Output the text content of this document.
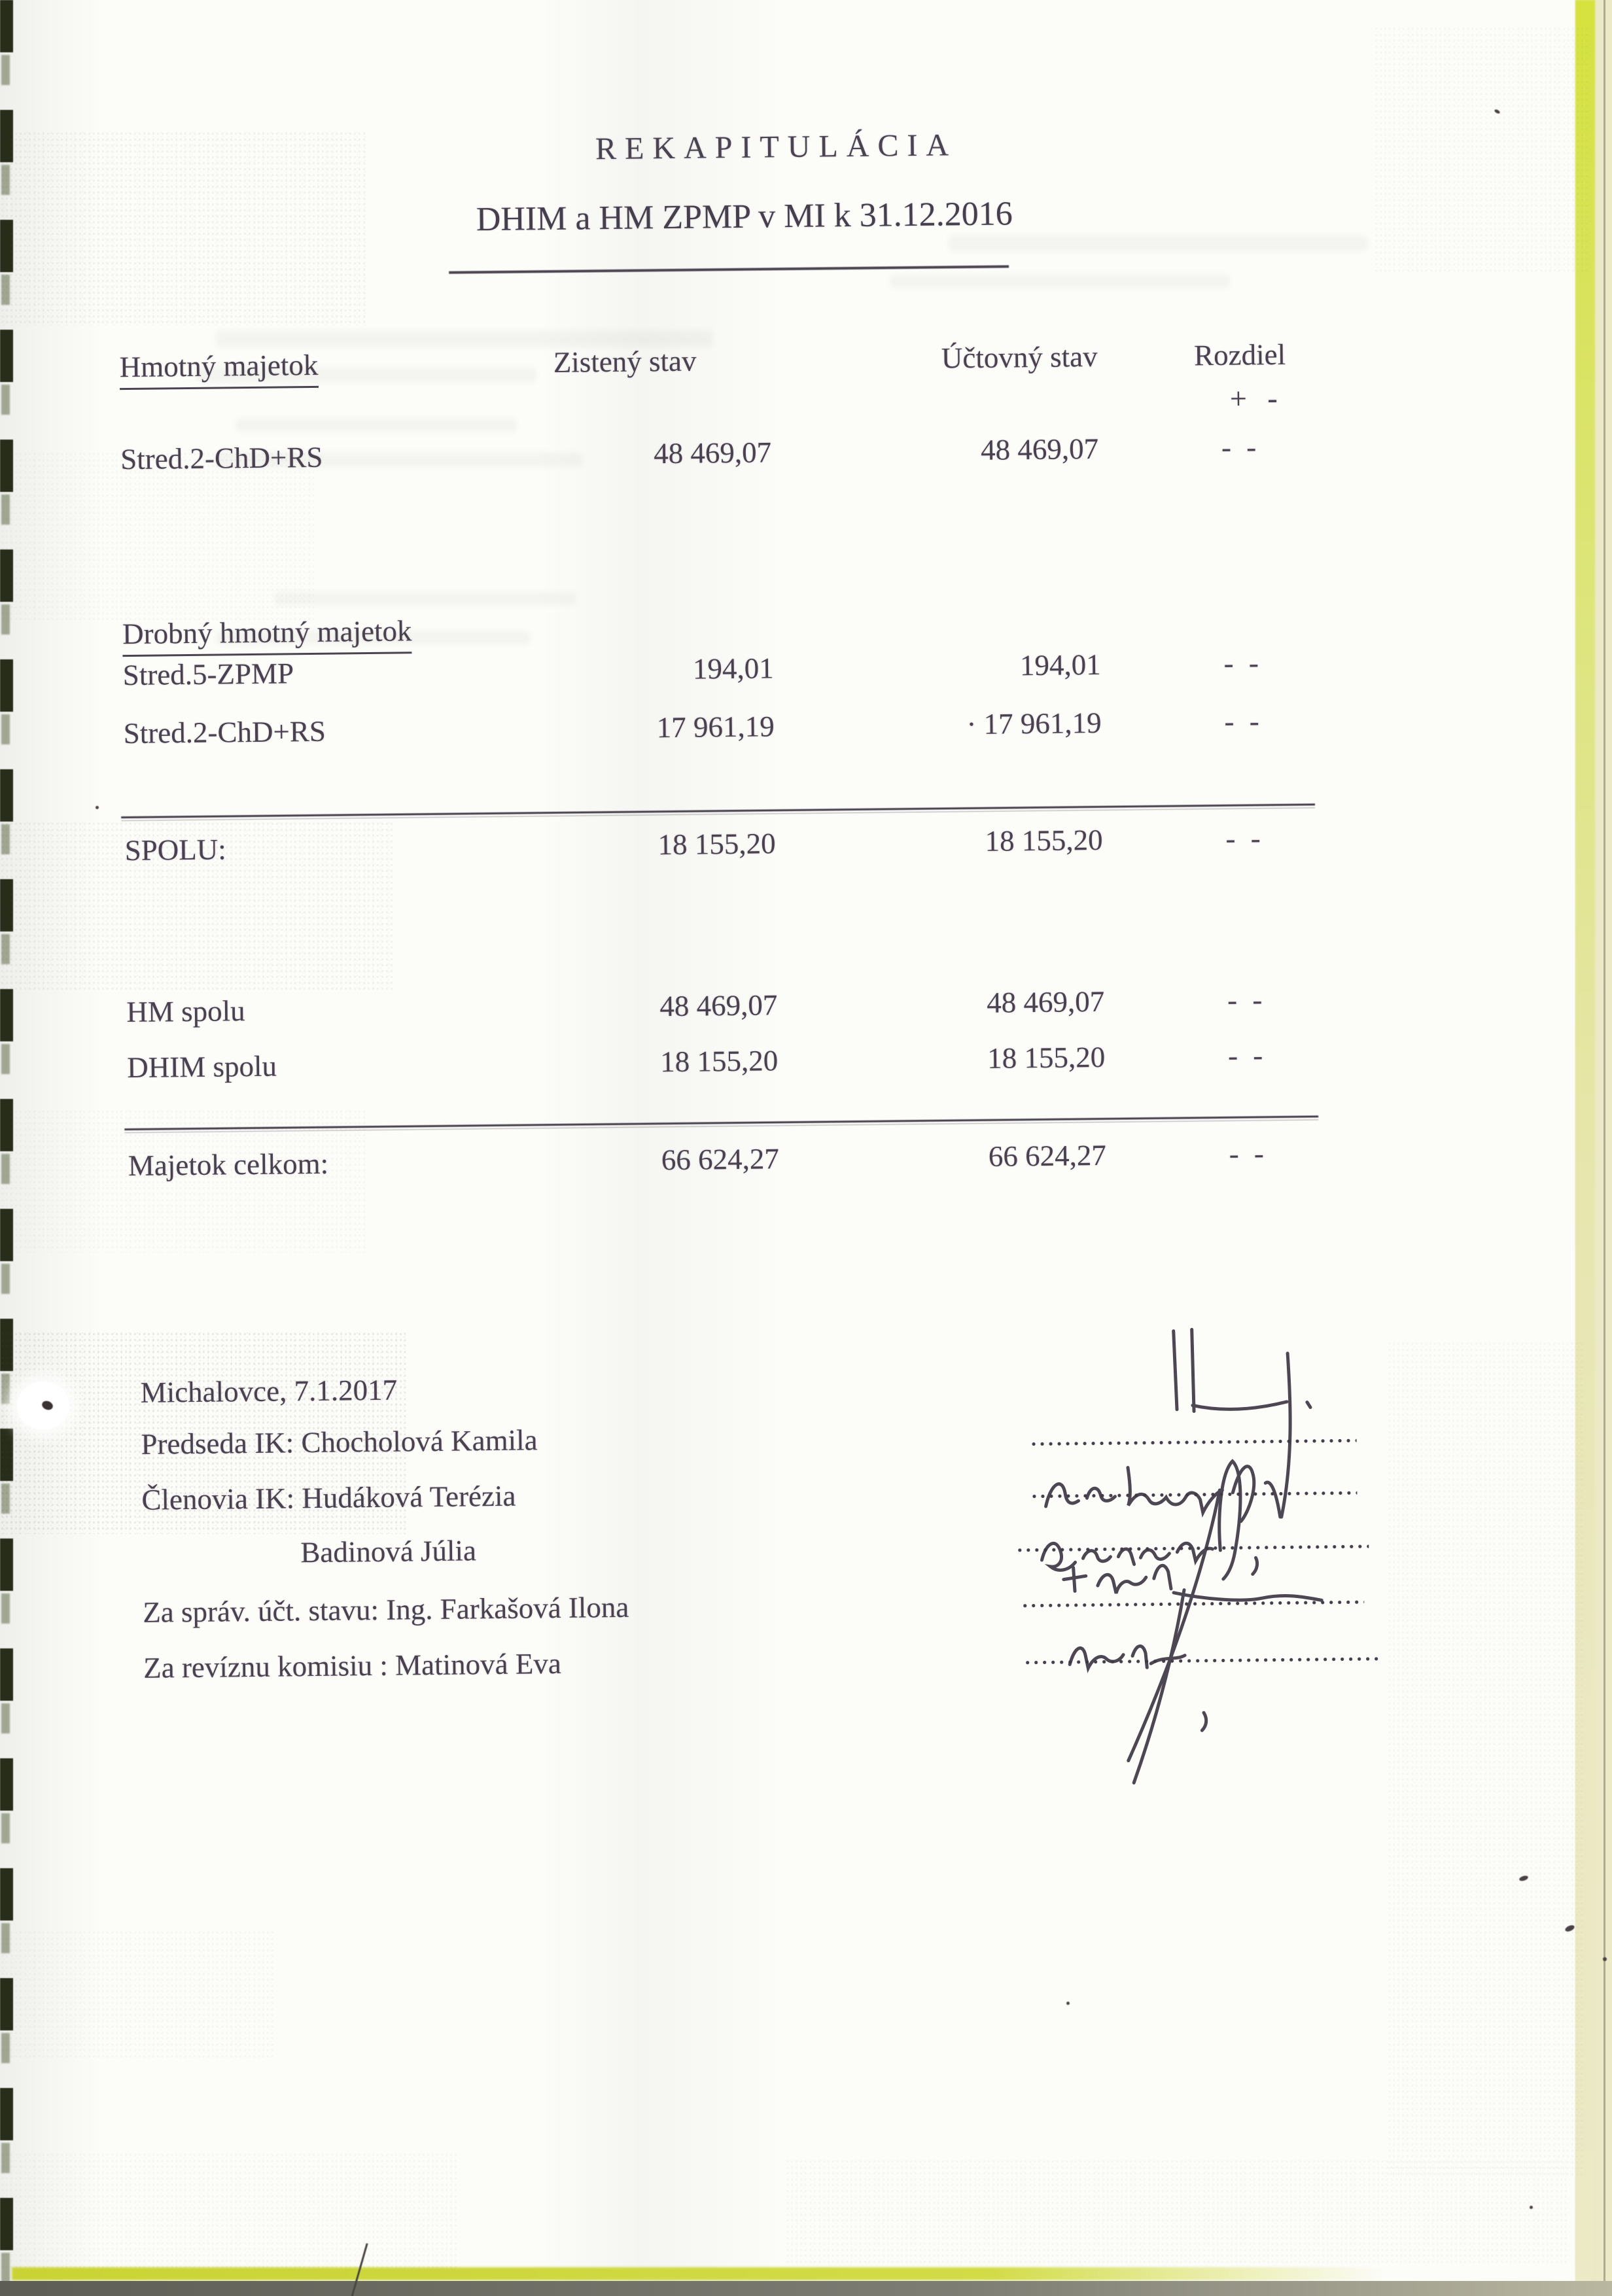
REKAPITULÁCIA
DHIM a HM ZPMP v MI k 31.12.2016
Hmotný majetok	Zistený stav	Účtovný stav	Rozdiel
+ -
Stred.2-ChD+RS	48 469,07	48 469,07	- -
Drobný hmotný majetok
Stred.5-ZPMP	194,01	194,01	- -
Stred.2-ChD+RS	17 961,19	· 17 961,19	- -
SPOLU:	18 155,20	18 155,20	- -
HM spolu	48 469,07	48 469,07	- -
DHIM spolu	18 155,20	18 155,20	- -
Majetok celkom:	66 624,27	66 624,27	- -
Michalovce, 7.1.2017
Predseda IK: Chocholová Kamila
Členovia IK: Hudáková Terézia
Badinová Júlia
Za správ. účt. stavu: Ing. Farkašová Ilona
Za revíznu komisiu : Matinová Eva
